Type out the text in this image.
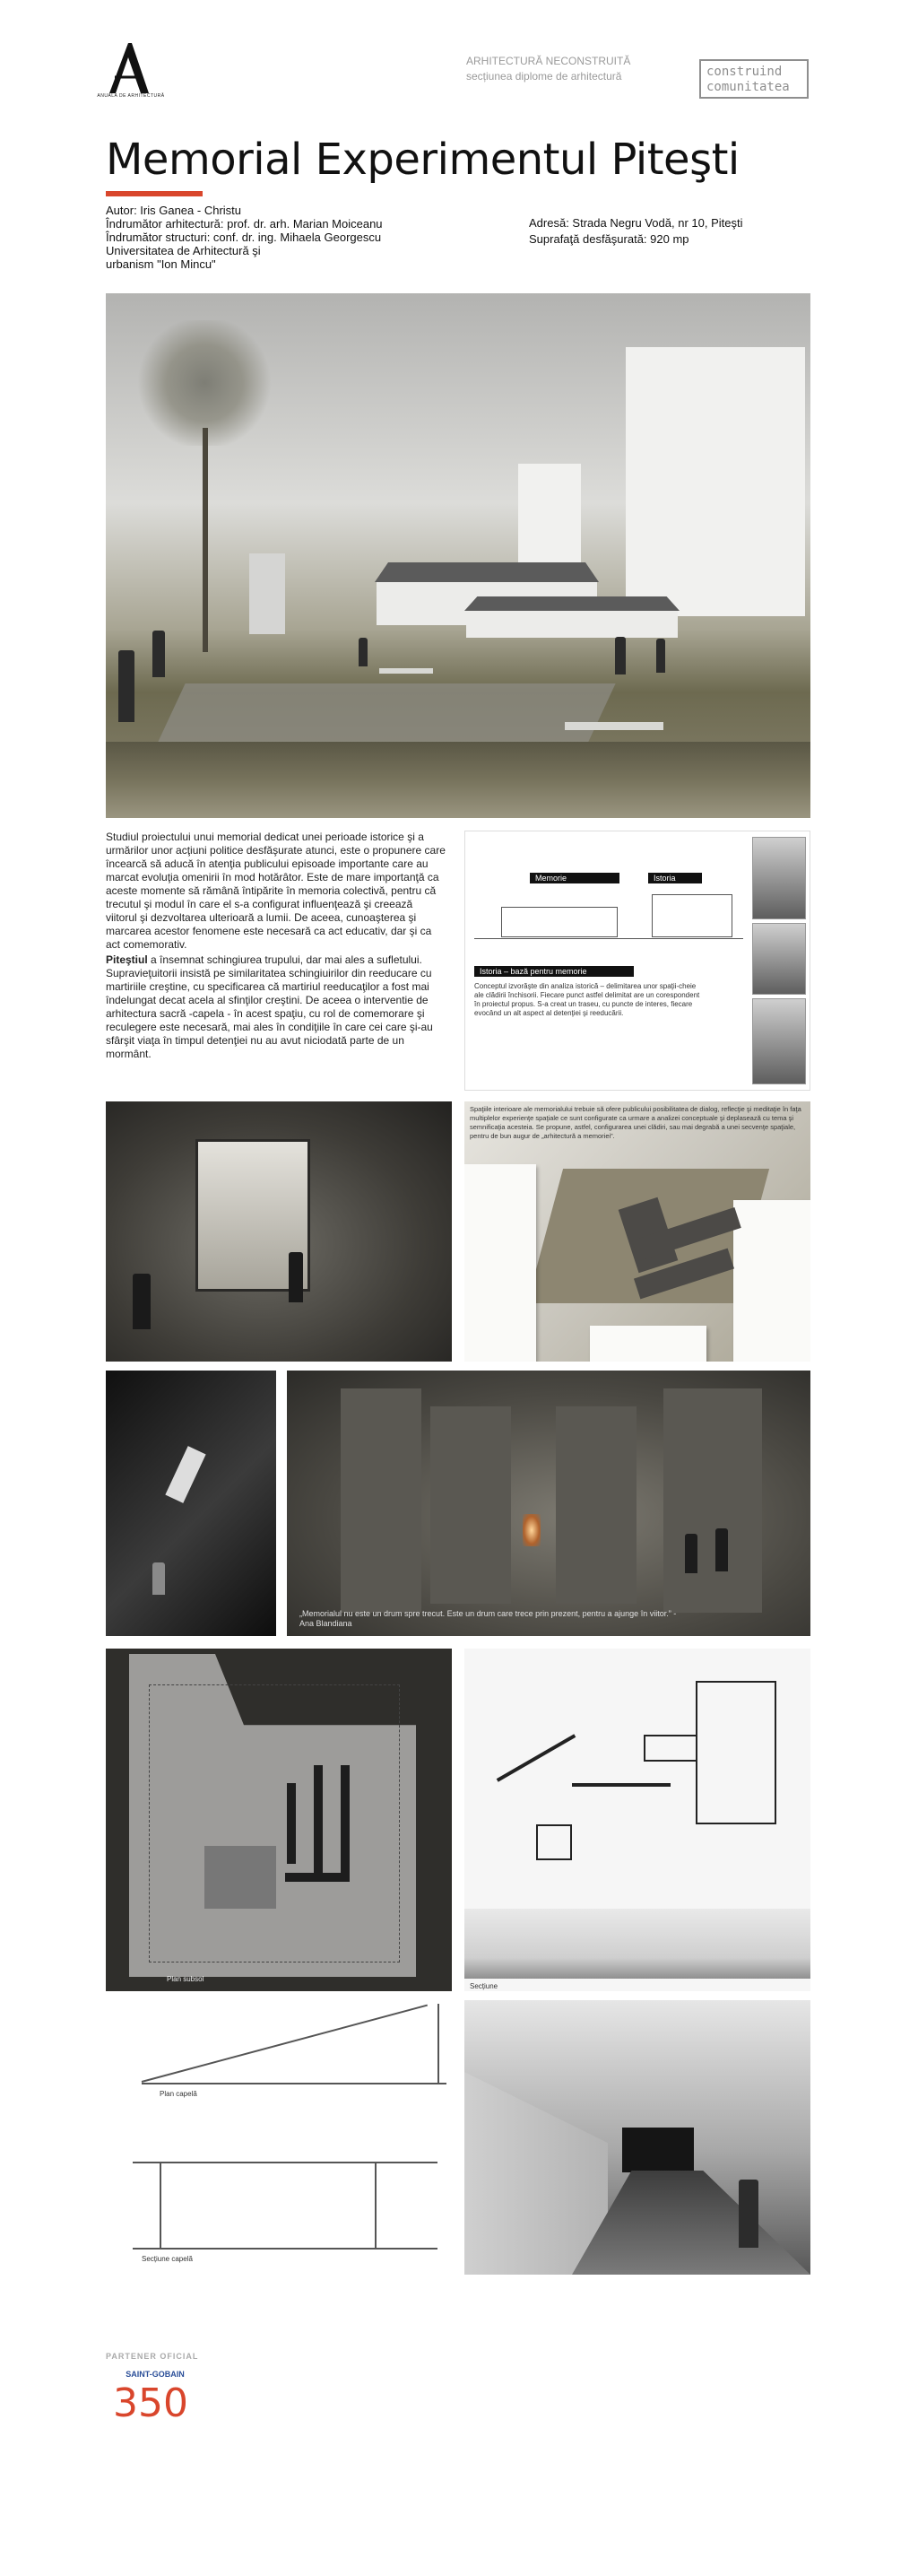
ANUALA DE ARHITECTURĂ
ARHITECTURĂ NECONSTRUITĂ
secțiunea diplome de arhitectură	construind
comunitatea
Memorial Experimentul Piteşti
Autor: Iris Ganea - Christu
Îndrumător arhitectură: prof. dr. arh. Marian Moiceanu
Îndrumător structuri: conf. dr. ing. Mihaela Georgescu
Universitatea de Arhitectură şi
urbanism "Ion Mincu"
Adresă: Strada Negru Vodă, nr 10, Piteşti
Suprafaţă desfăşurată: 920 mp

Studiul proiectului unui memorial dedicat unei perioade istorice şi a urmărilor unor acţiuni politice desfăşurate atunci, este o propunere care încearcă să aducă în atenţia publicului episoade importante care au marcat evoluţia omenirii în mod hotărâtor. Este de mare importanţă ca aceste momente să rămână întipărite în memoria colectivă, pentru că trecutul şi modul în care el s-a configurat influenţează şi creează viitorul şi dezvoltarea ulterioară a lumii. De aceea, cunoaşterea şi marcarea acestor fenomene este necesară ca act educativ, dar şi ca act comemorativ.

Piteştiul a însemnat schingiurea trupului, dar mai ales a sufletului. Supravieţuitorii insistă pe similaritatea schingiuirilor din reeducare cu martiriile creştine, cu specificarea că martiriul reeducaţilor a fost mai îndelungat decat acela al sfinţilor creştini. De aceea o interventie de arhitectura sacră -capela - în acest spaţiu, cu rol de comemorare şi reculegere este necesară, mai ales în condiţiile în care cei care şi-au sfârşit viaţa în timpul detenţiei nu au avut niciodată parte de un mormânt.

Memorie	Istoria
Istoria – bază pentru memorie
Conceptul izvorăşte din analiza istorică – delimitarea unor spaţii-cheie ale clădirii închisorii. Fiecare punct astfel delimitat are un corespondent în proiectul propus. S-a creat un traseu, cu puncte de interes, fiecare evocând un alt aspect al detenţiei şi reeducării.
Spaţiile interioare ale memorialului trebuie să ofere publicului posibilitatea de dialog, reflecţie şi meditaţie în faţa multiplelor experienţe spaţiale ce sunt configurate ca urmare a analizei conceptuale şi deplasează cu tema şi semnificaţia acesteia. Se propune, astfel, configurarea unei clădiri, sau mai degrabă a unei secvenţe spaţiale, pentru de bun augur de „arhitectură a memoriei”.
„Memorialul nu este un drum spre trecut. Este un drum care trece prin prezent, pentru a ajunge în viitor.” -
Ana Blandiana
Plan subsol
Secțiune
Plan capelă
Secțiune capelă
PARTENER OFICIAL
SAINT-GOBAIN
350
